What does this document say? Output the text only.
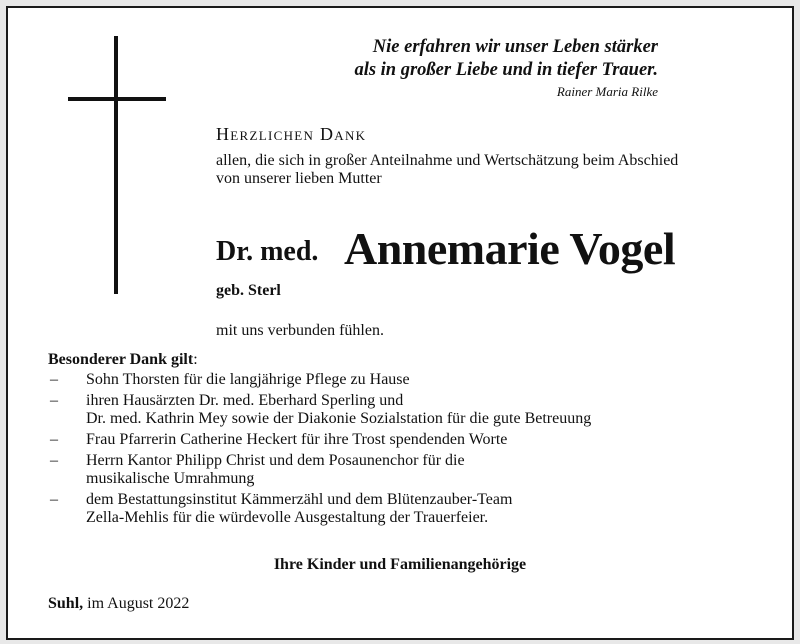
Nie erfahren wir unser Leben stärker
als in großer Liebe und in tiefer Trauer.
Rainer Maria Rilke
Herzlichen Dank
allen, die sich in großer Anteilnahme und Wertschätzung beim Abschied
von unserer lieben Mutter
Dr. med. Annemarie Vogel
geb. Sterl
mit uns verbunden fühlen.
Besonderer Dank gilt:
– Sohn Thorsten für die langjährige Pflege zu Hause
– ihren Hausärzten Dr. med. Eberhard Sperling und
Dr. med. Kathrin Mey sowie der Diakonie Sozialstation für die gute Betreuung
– Frau Pfarrerin Catherine Heckert für ihre Trost spendenden Worte
– Herrn Kantor Philipp Christ und dem Posaunenchor für die
musikalische Umrahmung
– dem Bestattungsinstitut Kämmerzähl und dem Blütenzauber-Team
Zella-Mehlis für die würdevolle Ausgestaltung der Trauerfeier.
Ihre Kinder und Familienangehörige
Suhl, im August 2022
